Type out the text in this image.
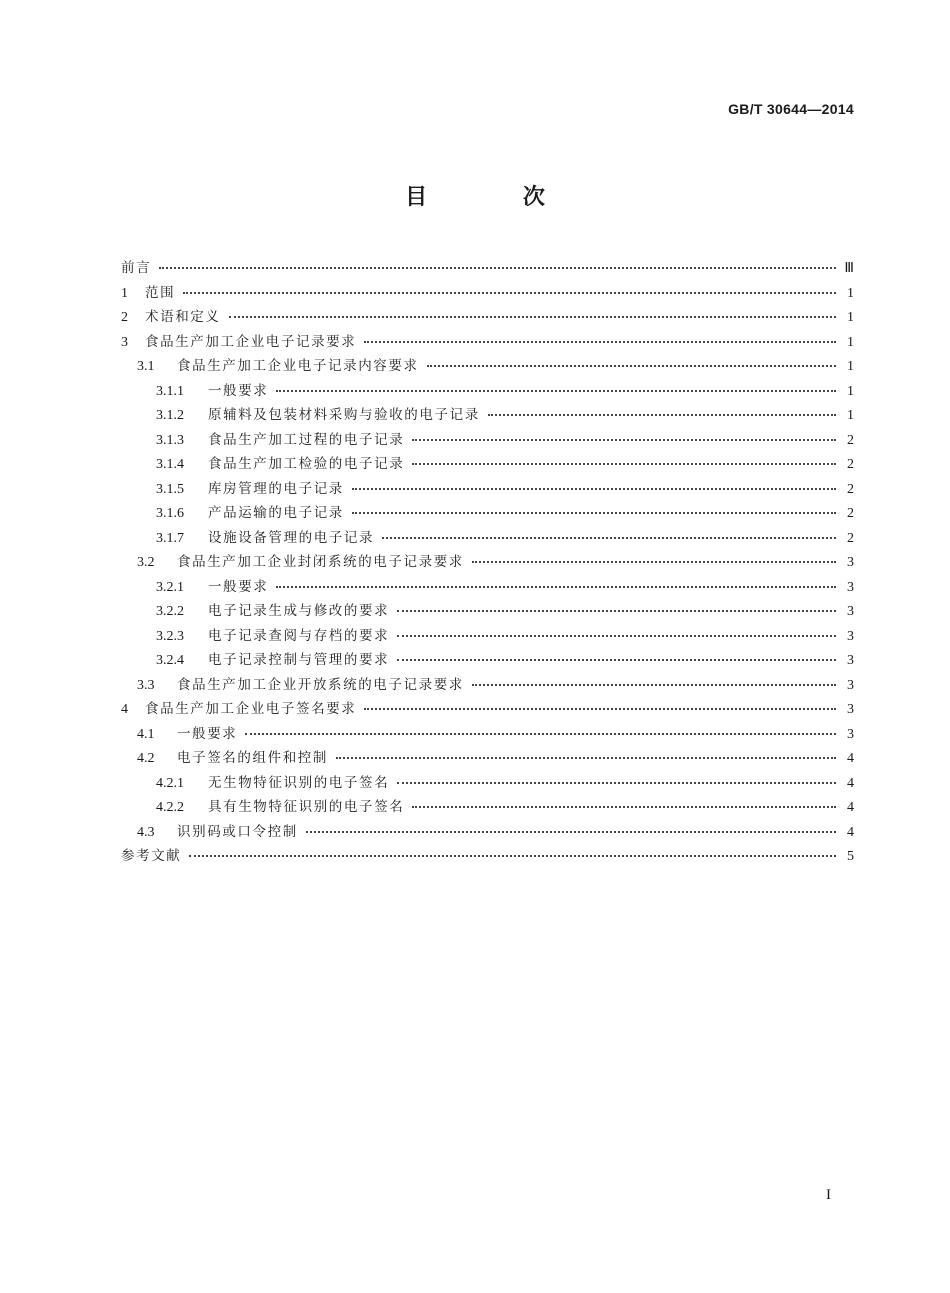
GB/T 30644—2014
目 次
前言	Ⅲ
1	范围	1
2	术语和定义	1
3	食品生产加工企业电子记录要求	1
3.1	食品生产加工企业电子记录内容要求	1
3.1.1	一般要求	1
3.1.2	原辅料及包装材料采购与验收的电子记录	1
3.1.3	食品生产加工过程的电子记录	2
3.1.4	食品生产加工检验的电子记录	2
3.1.5	库房管理的电子记录	2
3.1.6	产品运输的电子记录	2
3.1.7	设施设备管理的电子记录	2
3.2	食品生产加工企业封闭系统的电子记录要求	3
3.2.1	一般要求	3
3.2.2	电子记录生成与修改的要求	3
3.2.3	电子记录查阅与存档的要求	3
3.2.4	电子记录控制与管理的要求	3
3.3	食品生产加工企业开放系统的电子记录要求	3
4	食品生产加工企业电子签名要求	3
4.1	一般要求	3
4.2	电子签名的组件和控制	4
4.2.1	无生物特征识别的电子签名	4
4.2.2	具有生物特征识别的电子签名	4
4.3	识别码或口令控制	4
参考文献	5
I
